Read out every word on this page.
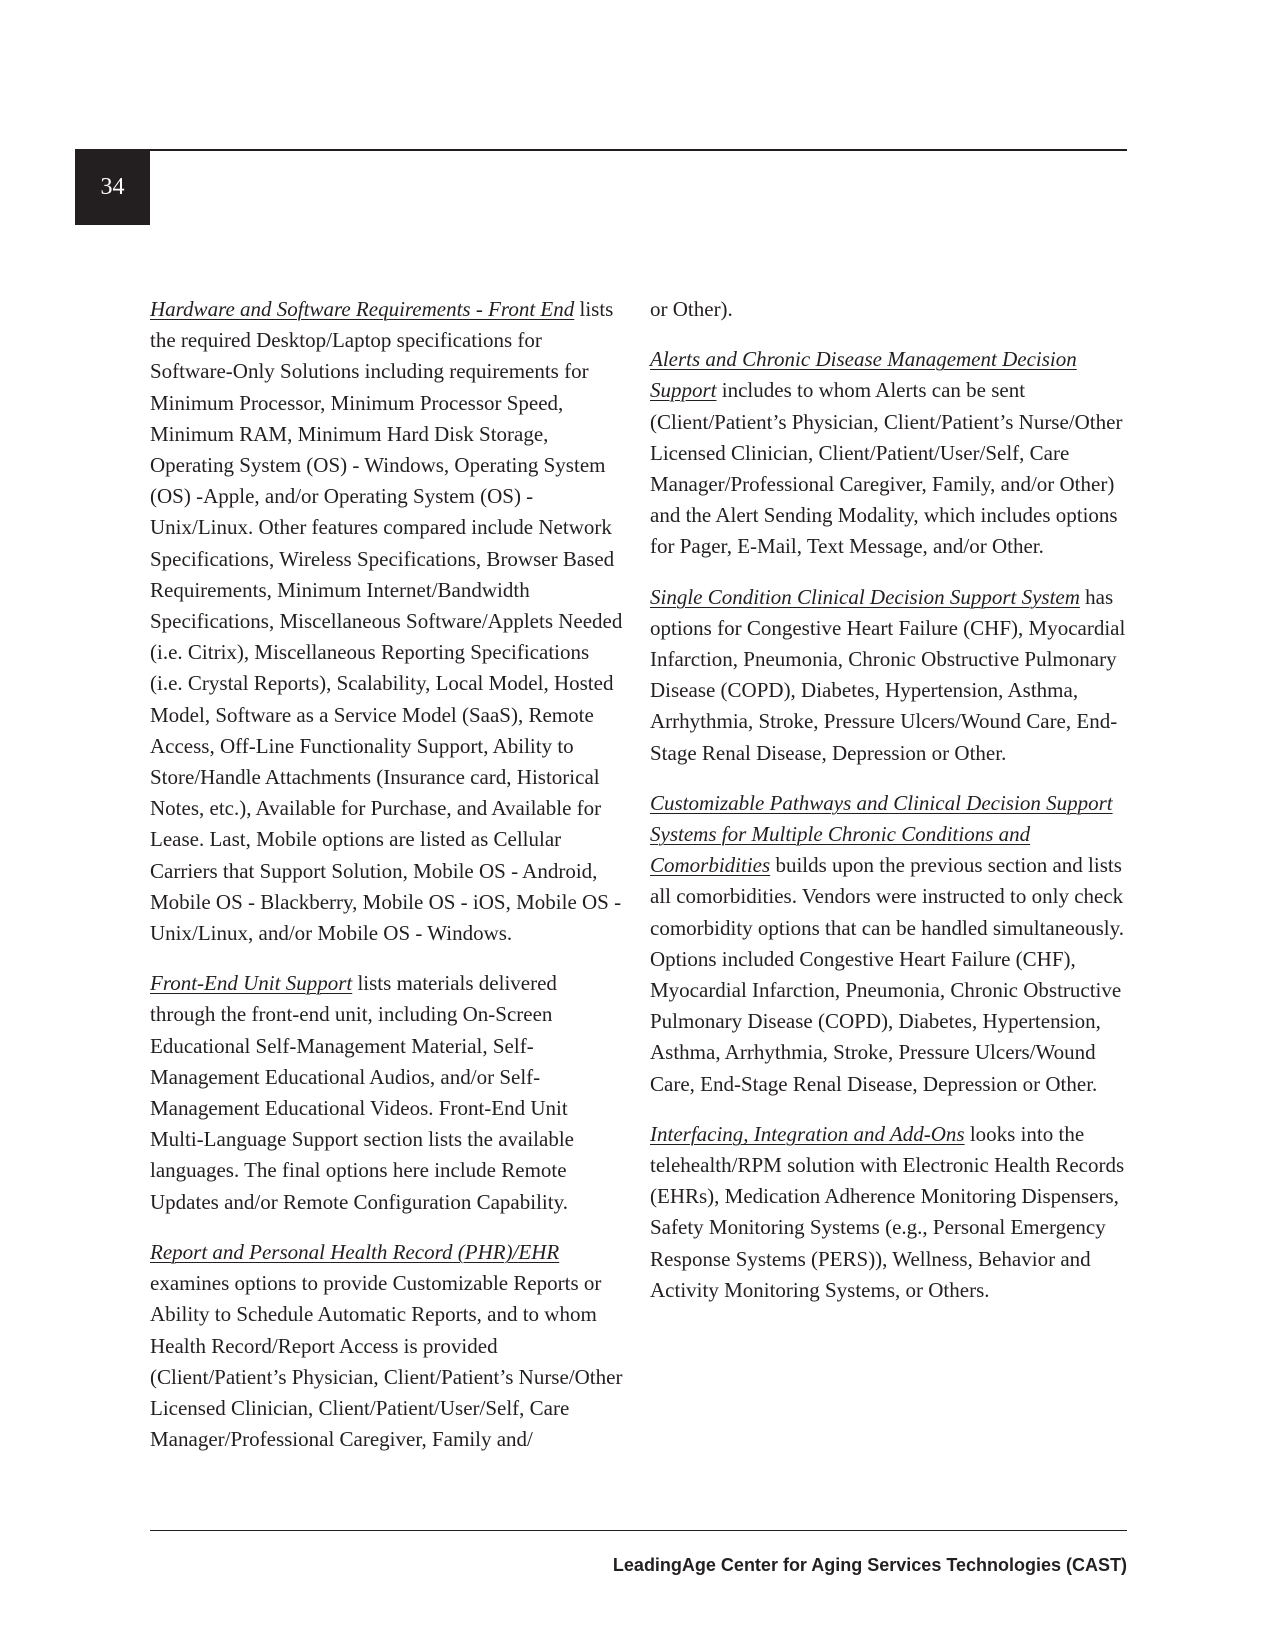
34

Hardware and Software Requirements - Front End lists the required Desktop/Laptop specifications for Software-Only Solutions including requirements for Minimum Processor, Minimum Processor Speed, Minimum RAM, Minimum Hard Disk Storage, Operating System (OS) - Windows, Operating System (OS) -Apple, and/or Operating System (OS) - Unix/Linux. Other features compared include Network Specifications, Wireless Specifications, Browser Based Requirements, Minimum Internet/Bandwidth Specifications, Miscellaneous Software/Applets Needed (i.e. Citrix), Miscellaneous Reporting Specifications (i.e. Crystal Reports), Scalability, Local Model, Hosted Model, Software as a Service Model (SaaS), Remote Access, Off-Line Functionality Support, Ability to Store/Handle Attachments (Insurance card, Historical Notes, etc.), Available for Purchase, and Available for Lease. Last, Mobile options are listed as Cellular Carriers that Support Solution, Mobile OS - Android, Mobile OS - Blackberry, Mobile OS - iOS, Mobile OS - Unix/Linux, and/or Mobile OS - Windows.

Front-End Unit Support lists materials delivered through the front-end unit, including On-Screen Educational Self-Management Material, Self-Management Educational Audios, and/or Self-Management Educational Videos. Front-End Unit Multi-Language Support section lists the available languages. The final options here include Remote Updates and/or Remote Configuration Capability.

Report and Personal Health Record (PHR)/EHR examines options to provide Customizable Reports or Ability to Schedule Automatic Reports, and to whom Health Record/Report Access is provided (Client/Patient’s Physician, Client/Patient’s Nurse/Other Licensed Clinician, Client/Patient/User/Self, Care Manager/Professional Caregiver, Family and/

or Other).

Alerts and Chronic Disease Management Decision Support includes to whom Alerts can be sent (Client/Patient’s Physician, Client/Patient’s Nurse/Other Licensed Clinician, Client/Patient/User/Self, Care Manager/Professional Caregiver, Family, and/or Other) and the Alert Sending Modality, which includes options for Pager, E-Mail, Text Message, and/or Other.

Single Condition Clinical Decision Support System has options for Congestive Heart Failure (CHF), Myocardial Infarction, Pneumonia, Chronic Obstructive Pulmonary Disease (COPD), Diabetes, Hypertension, Asthma, Arrhythmia, Stroke, Pressure Ulcers/Wound Care, End-Stage Renal Disease, Depression or Other.

Customizable Pathways and Clinical Decision Support Systems for Multiple Chronic Conditions and Comorbidities builds upon the previous section and lists all comorbidities. Vendors were instructed to only check comorbidity options that can be handled simultaneously. Options included Congestive Heart Failure (CHF), Myocardial Infarction, Pneumonia, Chronic Obstructive Pulmonary Disease (COPD), Diabetes, Hypertension, Asthma, Arrhythmia, Stroke, Pressure Ulcers/Wound Care, End-Stage Renal Disease, Depression or Other.

Interfacing, Integration and Add-Ons looks into the telehealth/RPM solution with Electronic Health Records (EHRs), Medication Adherence Monitoring Dispensers, Safety Monitoring Systems (e.g., Personal Emergency Response Systems (PERS)), Wellness, Behavior and Activity Monitoring Systems, or Others.

LeadingAge Center for Aging Services Technologies (CAST)
